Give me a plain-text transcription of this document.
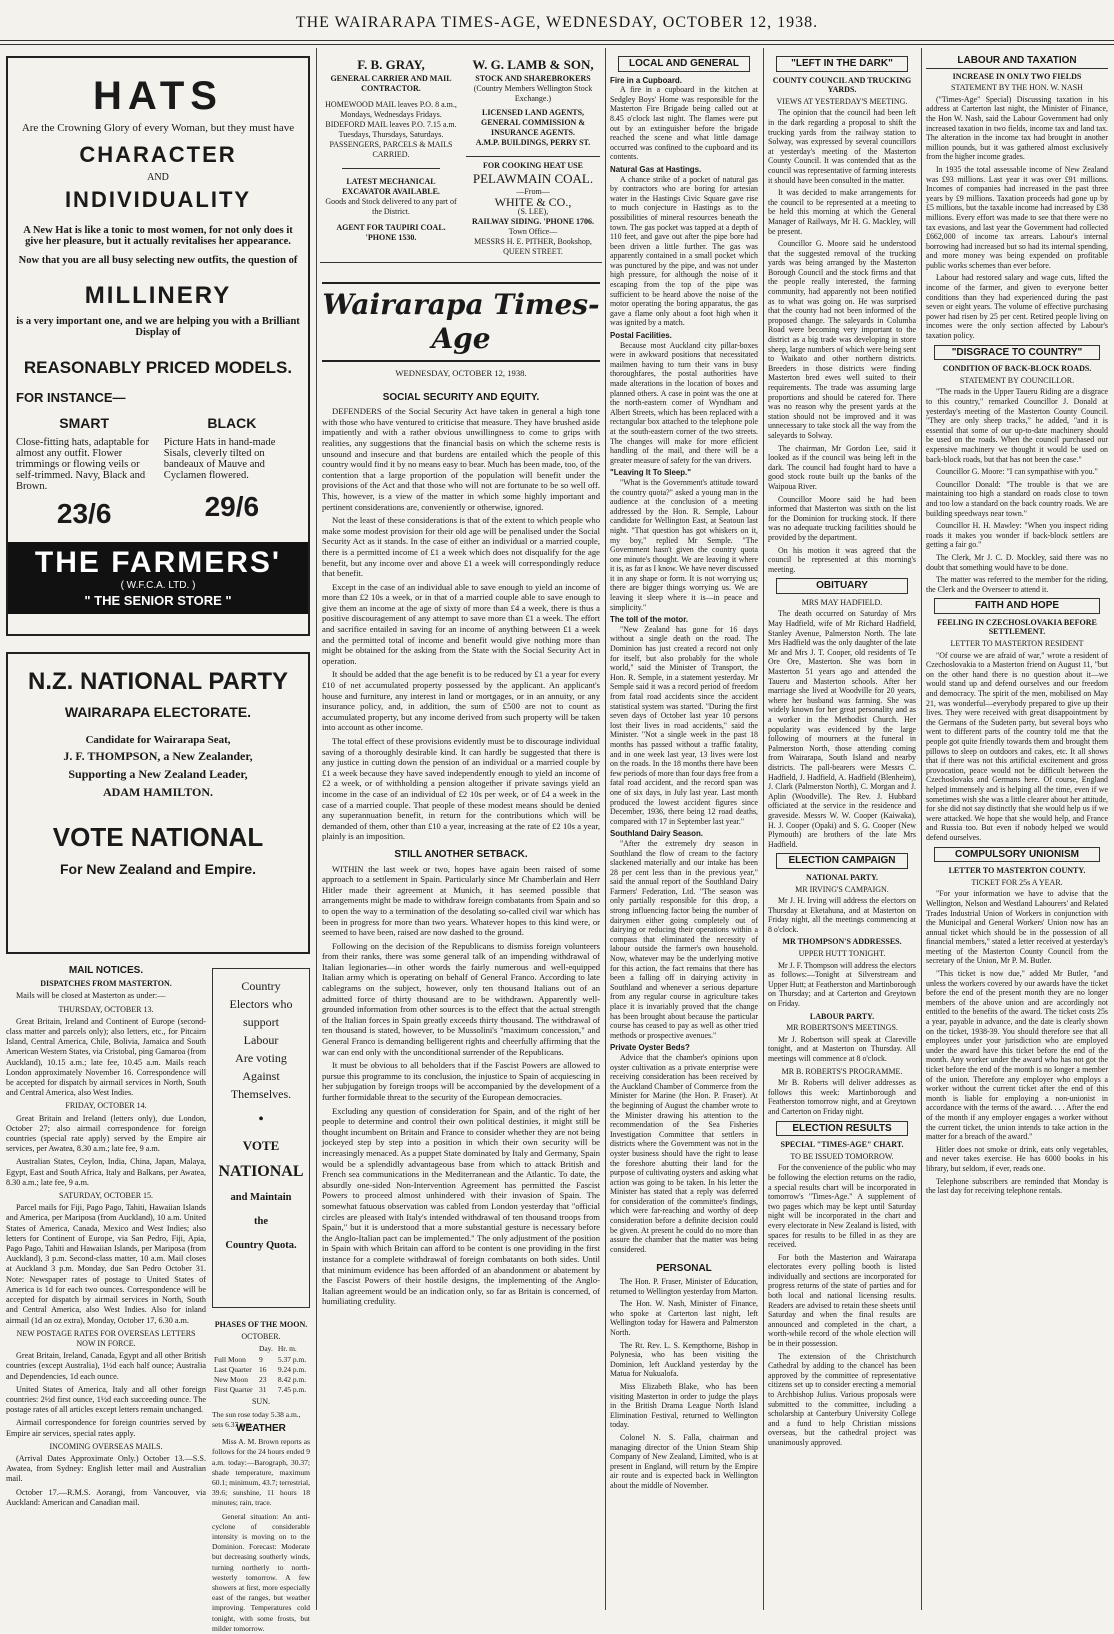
THE WAIRARAPA TIMES-AGE, WEDNESDAY, OCTOBER 12, 1938.
HATS
Are the Crowning Glory of every Woman, but they must have
CHARACTER
AND
INDIVIDUALITY
A New Hat is like a tonic to most women, for not only does it give her pleasure, but it actually revitalises her appearance.
Now that you are all busy selecting new outfits, the question of
MILLINERY
is a very important one, and we are helping you with a Brilliant Display of
REASONABLY PRICED MODELS.
FOR INSTANCE—
SMART
Close-fitting hats, adaptable for almost any outfit. Flower trimmings or flowing veils or self-trimmed. Navy, Black and Brown.
23/6
BLACK
Picture Hats in hand-made Sisals, cleverly tilted on bandeaux of Mauve and Cyclamen flowered.
29/6
THE FARMERS'
( W.F.C.A. LTD. )
" THE SENIOR STORE "
N.Z. NATIONAL PARTY
WAIRARAPA ELECTORATE.
Candidate for Wairarapa Seat,
J. F. THOMPSON, a New Zealander,
Supporting a New Zealand Leader,
ADAM HAMILTON.
VOTE NATIONAL
For New Zealand and Empire.
MAIL NOTICES.
DISPATCHES FROM MASTERTON.
Mails will be closed at Masterton as under:—
THURSDAY, OCTOBER 13.
Great Britain, Ireland and Continent of Europe (second-class matter and parcels only); also letters, etc., for Pitcairn Island, Central America, Chile, Bolivia, Jamaica and South American Western States, via Cristobal, ping Gamaroa (from Auckland), 10.15 a.m.; late fee, 10.45 a.m. Mails reach London approximately November 16. Correspondence will be accepted for dispatch by airmail services in North, South and Central America, also West Indies.
FRIDAY, OCTOBER 14.
Great Britain and Ireland (letters only), due London, October 27; also airmail correspondence for foreign countries (special rate apply) served by the Empire air services, per Awatea, 8.30 a.m.; late fee, 9 a.m.
Australian States, Ceylon, India, China, Japan, Malaya, Egypt, East and South Africa, Italy and Balkans, per Awatea, 8.30 a.m.; late fee, 9 a.m.
SATURDAY, OCTOBER 15.
Parcel mails for Fiji, Pago Pago, Tahiti, Hawaiian Islands and America, per Mariposa (from Auckland), 10 a.m. United States of America, Canada, Mexico and West Indies; also letters for Continent of Europe, via San Pedro, Fiji, Apia, Pago Pago, Tahiti and Hawaiian Islands, per Mariposa (from Auckland), 3 p.m. Second-class matter, 10 a.m. Mail closes at Auckland 3 p.m. Monday, due San Pedro October 31. Note: Newspaper rates of postage to United States of America is 1d for each two ounces. Correspondence will be accepted for dispatch by airmail services in North, South and Central America, also West Indies. Also for inland airmail (1d an oz extra), Monday, October 17, 6.30 a.m.
NEW POSTAGE RATES FOR OVERSEAS LETTERS NOW IN FORCE.
Great Britain, Ireland, Canada, Egypt and all other British countries (except Australia), 1½d each half ounce; Australia and Dependencies, 1d each ounce.
United States of America, Italy and all other foreign countries: 2½d first ounce, 1½d each succeeding ounce. The postage rates of all articles except letters remain unchanged.
Airmail correspondence for foreign countries served by Empire air services, special rates apply.
INCOMING OVERSEAS MAILS.
(Arrival Dates Approximate Only.) October 13.—S.S. Awatea, from Sydney: English letter mail and Australian mail.
October 17.—R.M.S. Aorangi, from Vancouver, via Auckland: American and Canadian mail.
Country
Electors who
support
Labour
Are voting
Against
Themselves.
•
VOTE
NATIONAL
and Maintain
the
Country Quota.
PHASES OF THE MOON.
OCTOBER.
	Day.	Hr. m.
Full Moon	9	5.37 p.m.
Last Quarter	16	9.24 p.m.
New Moon	23	8.42 p.m.
First Quarter	31	7.45 p.m.
SUN.
The sun rose today 5.38 a.m., sets 6.37 p.m.
WEATHER
Miss A. M. Brown reports as follows for the 24 hours ended 9 a.m. today:—Barograph, 30.37; shade temperature, maximum 60.1; minimum, 43.7; terrestrial, 39.6; sunshine, 11 hours 18 minutes; rain, trace.
General situation: An anti-cyclone of considerable intensity is moving on to the Dominion. Forecast: Moderate but decreasing southerly winds, turning northerly to north-westerly tomorrow. A few showers at first, more especially east of the ranges, but weather improving. Temperatures cold tonight, with some frosts, but milder tomorrow.
F. B. GRAY,
GENERAL CARRIER AND MAIL CONTRACTOR.
HOMEWOOD MAIL leaves P.O. 8 a.m., Mondays, Wednesdays Fridays.
BIDEFORD MAIL leaves P.O. 7.15 a.m. Tuesdays, Thursdays, Saturdays.
PASSENGERS, PARCELS & MAILS CARRIED.
LATEST MECHANICAL EXCAVATOR AVAILABLE.
Goods and Stock delivered to any part of the District.
AGENT FOR TAUPIRI COAL. 'PHONE 1530.
W. G. LAMB & SON,
STOCK AND SHAREBROKERS
(Country Members Wellington Stock Exchange.)
LICENSED LAND AGENTS, GENERAL COMMISSION & INSURANCE AGENTS.
A.M.P. BUILDINGS, PERRY ST.
FOR COOKING HEAT USE
PELAWMAIN COAL.
—From—
WHITE & CO.,
(S. LEE),
RAILWAY SIDING. 'PHONE 1706.
Town Office—
MESSRS H. E. PITHER, Bookshop, QUEEN STREET.
Wairarapa Times-Age
WEDNESDAY, OCTOBER 12, 1938.
SOCIAL SECURITY AND EQUITY.
DEFENDERS of the Social Security Act have taken in general a high tone with those who have ventured to criticise that measure. They have brushed aside impatiently and with a rather obvious unwillingness to come to grips with realities, any suggestions that the financial basis on which the scheme rests is unsound and insecure and that burdens are entailed which the people of this country would find it by no means easy to bear. Much has been made, too, of the contention that a large proportion of the population will benefit under the provisions of the Act and that those who will not are fortunate to be so well off. This, however, is a view of the matter in which some highly important and pertinent considerations are, conveniently or otherwise, ignored.
Not the least of these considerations is that of the extent to which people who make some modest provision for their old age will be penalised under the Social Security Act as it stands. In the case of either an individual or a married couple, there is a permitted income of £1 a week which does not disqualify for the age benefit, but any income over and above £1 a week will correspondingly reduce that benefit.
Except in the case of an individual able to save enough to yield an income of more than £2 10s a week, or in that of a married couple able to save enough to give them an income at the age of sixty of more than £4 a week, there is thus a positive discouragement of any attempt to save more than £1 a week. The effort and sacrifice entailed in saving for an income of anything between £1 a week and the permitted total of income and benefit would give nothing more than might be obtained for the asking from the State with the Social Security Act in operation.
It should be added that the age benefit is to be reduced by £1 a year for every £10 of net accumulated property possessed by the applicant. An applicant's house and furniture, any interest in land or mortgages, or in an annuity, or any insurance policy, and, in addition, the sum of £500 are not to count as accumulated property, but any income derived from such property will be taken into account as other income.
The total effect of these provisions evidently must be to discourage individual saving of a thoroughly desirable kind. It can hardly be suggested that there is any justice in cutting down the pension of an individual or a married couple by £1 a week because they have saved independently enough to yield an income of £2 a week, or of withholding a pension altogether if private savings yield an income in the case of an individual of £2 10s per week, or of £4 a week in the case of a married couple. That people of these modest means should be denied any superannuation benefit, in return for the contributions which will be demanded of them, other than £10 a year, increasing at the rate of £2 10s a year, plainly is an imposition.
STILL ANOTHER SETBACK.
WITHIN the last week or two, hopes have again been raised of some approach to a settlement in Spain. Particularly since Mr Chamberlain and Herr Hitler made their agreement at Munich, it has seemed possible that arrangements might be made to withdraw foreign combatants from Spain and so to open the way to a termination of the desolating so-called civil war which has been in progress for more than two years. Whatever hopes to this kind were, or seemed to have been, raised are now dashed to the ground.
Following on the decision of the Republicans to dismiss foreign volunteers from their ranks, there was some general talk of an impending withdrawal of Italian legionaries—in other words the fairly numerous and well-equipped Italian army which is operating on behalf of General Franco. According to late cablegrams on the subject, however, only ten thousand Italians out of an admitted force of thirty thousand are to be withdrawn. Apparently well-grounded information from other sources is to the effect that the actual strength of the Italian forces in Spain greatly exceeds thirty thousand. The withdrawal of ten thousand is stated, however, to be Mussolini's "maximum concession," and General Franco is demanding belligerent rights and cheerfully affirming that the war can end only with the unconditional surrender of the Republicans.
It must be obvious to all beholders that if the Fascist Powers are allowed to pursue this programme to its conclusion, the injustice to Spain of acquiescing in her subjugation by foreign troops will be accompanied by the development of a further formidable threat to the security of the European democracies.
Excluding any question of consideration for Spain, and of the right of her people to determine and control their own political destinies, it might still be thought incumbent on Britain and France to consider whether they are not being jockeyed step by step into a position in which their own security will be increasingly menaced. As a puppet State dominated by Italy and Germany, Spain would be a splendidly advantageous base from which to attack British and French sea communications in the Mediterranean and the Atlantic. To date, the absurdly one-sided Non-Intervention Agreement has permitted the Fascist Powers to proceed almost unhindered with their invasion of Spain. The somewhat fatuous observation was cabled from London yesterday that "official circles are pleased with Italy's intended withdrawal of ten thousand troops from Spain," but it is understood that a more substantial gesture is necessary before the Anglo-Italian pact can be implemented." The only adjustment of the position in Spain with which Britain can afford to be content is one providing in the first instance for a complete withdrawal of foreign combatants on both sides. Until that minimum evidence has been afforded of an abandonment or abatement by the Fascist Powers of their hostile designs, the implementing of the Anglo-Italian agreement would be an indication only, so far as Britain is concerned, of humiliating credulity.
LOCAL AND GENERAL
Fire in a Cupboard.
A fire in a cupboard in the kitchen at Sedgley Boys' Home was responsible for the Masterton Fire Brigade being called out at 8.45 o'clock last night. The flames were put out by an extinguisher before the brigade reached the scene and what little damage occurred was confined to the cupboard and its contents.
Natural Gas at Hastings.
A chance strike of a pocket of natural gas by contractors who are boring for artesian water in the Hastings Civic Square gave rise to much conjecture in Hastings as to the possibilities of mineral resources beneath the town. The gas pocket was tapped at a depth of 110 feet, and gave out after the pipe bore had been driven a little further. The gas was apparently contained in a small pocket which was punctured by the pipe, and was not under high pressure, for although the noise of it escaping from the top of the pipe was sufficient to be heard above the noise of the motor operating the boring apparatus, the gas gave a flame only about a foot high when it was ignited by a match.
Postal Facilities.
Because most Auckland city pillar-boxes were in awkward positions that necessitated mailmen having to turn their vans in busy thoroughfares, the postal authorities have made alterations in the location of boxes and planned others. A case in point was the one at the north-eastern corner of Wyndham and Albert Streets, which has been replaced with a rectangular box attached to the telephone pole at the south-eastern corner of the two streets. The changes will make for more efficient handling of the mail, and there will be a greater measure of safety for the van drivers.
"Leaving It To Sleep."
"What is the Government's attitude toward the country quota?" asked a young man in the audience at the conclusion of a meeting addressed by the Hon. R. Semple, Labour candidate for Wellington East, at Seatoun last night. "That question has got whiskers on it, my boy," replied Mr Semple. "The Government hasn't given the country quota one minute's thought. We are leaving it where it is, as far as I know. We have never discussed it in any shape or form. It is not worrying us; there are bigger things worrying us. We are leaving it sleep where it is—in peace and simplicity."
The toll of the motor.
"New Zealand has gone for 16 days without a single death on the road. The Dominion has just created a record not only for itself, but also probably for the whole world," said the Minister of Transport, the Hon. R. Semple, in a statement yesterday. Mr Semple said it was a record period of freedom from fatal road accidents since the accident statistical system was started. "During the first seven days of October last year 10 persons lost their lives in road accidents," said the Minister. "Not a single week in the past 18 months has passed without a traffic fatality, and in one week last year, 13 lives were lost on the roads. In the 18 months there have been few periods of more than four days free from a fatal road accident, and the record span was one of six days, in July last year. Last month produced the lowest accident figures since December, 1936, there being 12 road deaths, compared with 17 in September last year."
Southland Dairy Season.
"After the extremely dry season in Southland the flow of cream to the factory slackened materially and our intake has been 28 per cent less than in the previous year," said the annual report of the Southland Dairy Farmers' Federation, Ltd. "The season was only partially responsible for this drop, a strong influencing factor being the number of dairymen either going completely out of dairying or reducing their operations within a compass that eliminated the necessity of labour outside the farmer's own household. Now, whatever may be the underlying motive for this action, the fact remains that there has been a falling off in dairying activity in Southland and whenever a serious departure from any regular course in agriculture takes place it is invariably proved that the change has been brought about because the particular course has ceased to pay as well as other tried methods or prospective avenues."
Private Oyster Beds?
Advice that the chamber's opinions upon oyster cultivation as a private enterprise were receiving consideration has been received by the Auckland Chamber of Commerce from the Minister for Marine (the Hon. P. Fraser). At the beginning of August the chamber wrote to the Minister drawing his attention to the recommendation of the Sea Fisheries Investigation Committee that settlers in districts where the Government was not in the oyster business should have the right to lease the foreshore abutting their land for the purpose of cultivating oysters and asking what action was going to be taken. In his letter the Minister has stated that a reply was deferred for consideration of the committee's findings, which were far-reaching and worthy of deep consideration before a definite decision could be given. At present he could do no more than assure the chamber that the matter was being considered.
PERSONAL
The Hon. P. Fraser, Minister of Education, returned to Wellington yesterday from Marton.
The Hon. W. Nash, Minister of Finance, who spoke at Carterton last night, left Wellington today for Hawera and Palmerston North.
The Rt. Rev. L. S. Kempthorne, Bishop in Polynesia, who has been visiting the Dominion, left Auckland yesterday by the Matua for Nukualofa.
Miss Elizabeth Blake, who has been visiting Masterton in order to judge the plays in the British Drama League North Island Elimination Festival, returned to Wellington today.
Colonel N. S. Falla, chairman and managing director of the Union Steam Ship Company of New Zealand, Limited, who is at present in England, will return by the Empire air route and is expected back in Wellington about the middle of November.
"LEFT IN THE DARK"
COUNTY COUNCIL AND TRUCKING YARDS.
VIEWS AT YESTERDAY'S MEETING.
The opinion that the council had been left in the dark regarding a proposal to shift the trucking yards from the railway station to Solway, was expressed by several councillors at yesterday's meeting of the Masterton County Council. It was contended that as the council was representative of farming interests it should have been consulted in the matter.
It was decided to make arrangements for the council to be represented at a meeting to be held this morning at which the General Manager of Railways, Mr H. G. Mackley, will be present.
Councillor G. Moore said he understood that the suggested removal of the trucking yards was being arranged by the Masterton Borough Council and the stock firms and that the people really interested, the farming community, had apparently not been notified as to what was going on. He was surprised that the county had not been informed of the proposed change. The saleyards in Columba Road were becoming very important to the district as a big trade was developing in store sheep, large numbers of which were being sent to Waikato and other northern districts. Breeders in those districts were finding Masterton bred ewes well suited to their requirements. The trade was assuming large proportions and should be catered for. There was no reason why the present yards at the station should not be improved and it was unnecessary to take stock all the way from the saleyards to Solway.
The chairman, Mr Gordon Lee, said it looked as if the council was being left in the dark. The council had fought hard to have a good stock route built up the banks of the Waipoua River.
Councillor Moore said he had been informed that Masterton was sixth on the list for the Dominion for trucking stock. If there was no adequate trucking facilities should be provided by the department.
On his motion it was agreed that the council be represented at this morning's meeting.
OBITUARY
MRS MAY HADFIELD.
The death occurred on Saturday of Mrs May Hadfield, wife of Mr Richard Hadfield, Stanley Avenue, Palmerston North. The late Mrs Hadfield was the only daughter of the late Mr and Mrs J. T. Cooper, old residents of Te Ore Ore, Masterton. She was born in Masterton 51 years ago and attended the Taueru and Masterton schools. After her marriage she lived at Woodville for 20 years, where her husband was farming. She was widely known for her great personality and as a worker in the Methodist Church. Her popularity was evidenced by the large following of mourners at the funeral in Palmerston North, those attending coming from Wairarapa, South Island and nearby districts. The pall-bearers were Messrs C. Hadfield, J. Hadfield, A. Hadfield (Blenheim), J. Clark (Palmerston North), C. Morgan and J. Aplin (Woodville). The Rev. J. Hubbard officiated at the service in the residence and graveside. Messrs W. W. Cooper (Kaiwaka), H. J. Cooper (Opaki) and S. G. Cooper (New Plymouth) are brothers of the late Mrs Hadfield.
ELECTION CAMPAIGN
NATIONAL PARTY.
MR IRVING'S CAMPAIGN.
Mr J. H. Irving will address the electors on Thursday at Eketahuna, and at Masterton on Friday night, all the meetings commencing at 8 o'clock.
MR THOMPSON'S ADDRESSES.
UPPER HUTT TONIGHT.
Mr J. F. Thompson will address the electors as follows:—Tonight at Silverstream and Upper Hutt; at Featherston and Martinborough on Thursday; and at Carterton and Greytown on Friday.
LABOUR PARTY.
MR ROBERTSON'S MEETINGS.
Mr J. Robertson will speak at Clareville tonight, and at Masterton on Thursday. All meetings will commence at 8 o'clock.
MR B. ROBERTS'S PROGRAMME.
Mr B. Roberts will deliver addresses as follows this week: Martinborough and Featherston tomorrow night, and at Greytown and Carterton on Friday night.
ELECTION RESULTS
SPECIAL "TIMES-AGE" CHART.
TO BE ISSUED TOMORROW.
For the convenience of the public who may be following the election returns on the radio, a special results chart will be incorporated in tomorrow's "Times-Age." A supplement of two pages which may be kept until Saturday night will be incorporated in the chart and every electorate in New Zealand is listed, with spaces for results to be filled in as they are received.
For both the Masterton and Wairarapa electorates every polling booth is listed individually and sections are incorporated for progress returns of the state of parties and for both local and national licensing results. Readers are advised to retain these sheets until Saturday and when the final results are announced and completed in the chart, a worth-while record of the whole election will be in their possession.
The extension of the Christchurch Cathedral by adding to the chancel has been approved by the committee of representative citizens set up to consider erecting a memorial to Archbishop Julius. Various proposals were submitted to the committee, including a scholarship at Canterbury University College and a fund to help Christian missions overseas, but the cathedral project was unanimously approved.
LABOUR AND TAXATION
INCREASE IN ONLY TWO FIELDS
STATEMENT BY THE HON. W. NASH
("Times-Age" Special) Discussing taxation in his address at Carterton last night, the Minister of Finance, the Hon W. Nash, said the Labour Government had only increased taxation in two fields, income tax and land tax. The alteration in the income tax had brought in another million pounds, but it was gathered almost exclusively from the higher income grades.
In 1935 the total assessable income of New Zealand was £93 millions. Last year it was over £91 millions. Incomes of companies had increased in the past three years by £9 millions. Taxation proceeds had gone up by £5 millions, but the taxable income had increased by £38 millions. Every effort was made to see that there were no tax evasions, and last year the Government had collected £662,000 of income tax arrears. Labour's internal borrowing had increased but so had its internal spending, and more money was being expended on profitable public works schemes than ever before.
Labour had restored salary and wage cuts, lifted the income of the farmer, and given to everyone better conditions than they had experienced during the past seven or eight years. The volume of effective purchasing power had risen by 25 per cent. Retired people living on incomes were the only section affected by Labour's taxation policy.
"DISGRACE TO COUNTRY"
CONDITION OF BACK-BLOCK ROADS.
STATEMENT BY COUNCILLOR.
"The roads in the Upper Taueru Riding are a disgrace to this country," remarked Councillor J. Donald at yesterday's meeting of the Masterton County Council. "They are only sheep tracks," he added, "and it is essential that some of our up-to-date machinery should be used on the roads. When the council purchased our expensive machinery we thought it would be used on back-block roads, but that has not been the case."
Councillor G. Moore: "I can sympathise with you."
Councillor Donald: "The trouble is that we are maintaining too high a standard on roads close to town and too low a standard on the back country roads. We are building speedways near town."
Councillor H. H. Mawley: "When you inspect riding roads it makes you wonder if back-block settlers are getting a fair go."
The Clerk, Mr J. C. D. Mockley, said there was no doubt that something would have to be done.
The matter was referred to the member for the riding, the Clerk and the Overseer to attend it.
FAITH AND HOPE
FEELING IN CZECHOSLOVAKIA BEFORE SETTLEMENT.
LETTER TO MASTERTON RESIDENT
"Of course we are afraid of war," wrote a resident of Czechoslovakia to a Masterton friend on August 11, "but on the other hand there is no question about it—we would stand up and defend ourselves and our freedom and democracy. The spirit of the men, mobilised on May 21, was wonderful—everybody prepared to give up their lives. They were received with great disappointment by the Germans of the Sudeten party, but several boys who went to different parts of the country told me that the people got quite friendly towards them and brought them pillows to sleep on outdoors and cakes, etc. It all shows that if there was not this artificial excitement and gross provocation, peace would not be difficult between the Czechoslovaks and Germans here. Of course, England helped immensely and is helping all the time, even if we sometimes wish she was a little clearer about her attitude, for she did not say distinctly that she would help us if we were attacked. We hope that she would help, and France and Russia too. But even if nobody helped we would defend ourselves.
COMPULSORY UNIONISM
LETTER TO MASTERTON COUNTY.
TICKET FOR 25s A YEAR.
"For your information we have to advise that the Wellington, Nelson and Westland Labourers' and Related Trades Industrial Union of Workers in conjunction with the Municipal and General Workers' Union now has an annual ticket which should be in the possession of all financial members," stated a letter received at yesterday's meeting of the Masterton County Council from the secretary of the Union, Mr P. M. Butler.
"This ticket is now due," added Mr Butler, "and unless the workers covered by our awards have the ticket before the end of the present month they are no longer members of the above union and are accordingly not entitled to the benefits of the award. The ticket costs 25s a year, payable in advance, and the date is clearly shown on the ticket, 1938-39. You should therefore see that all employees under your jurisdiction who are employed under the award have this ticket before the end of the month. Any worker under the award who has not got the ticket before the end of the month is no longer a member of the union. Therefore any employer who employs a worker without the current ticket after the end of this month is liable for employing a non-unionist in accordance with the terms of the award. . . . After the end of the month if any employer engages a worker without the current ticket, the union intends to take action in the matter for a breach of the award."
Hitler does not smoke or drink, eats only vegetables, and never takes exercise. He has 6000 books in his library, but seldom, if ever, reads one.
Telephone subscribers are reminded that Monday is the last day for receiving telephone rentals.
